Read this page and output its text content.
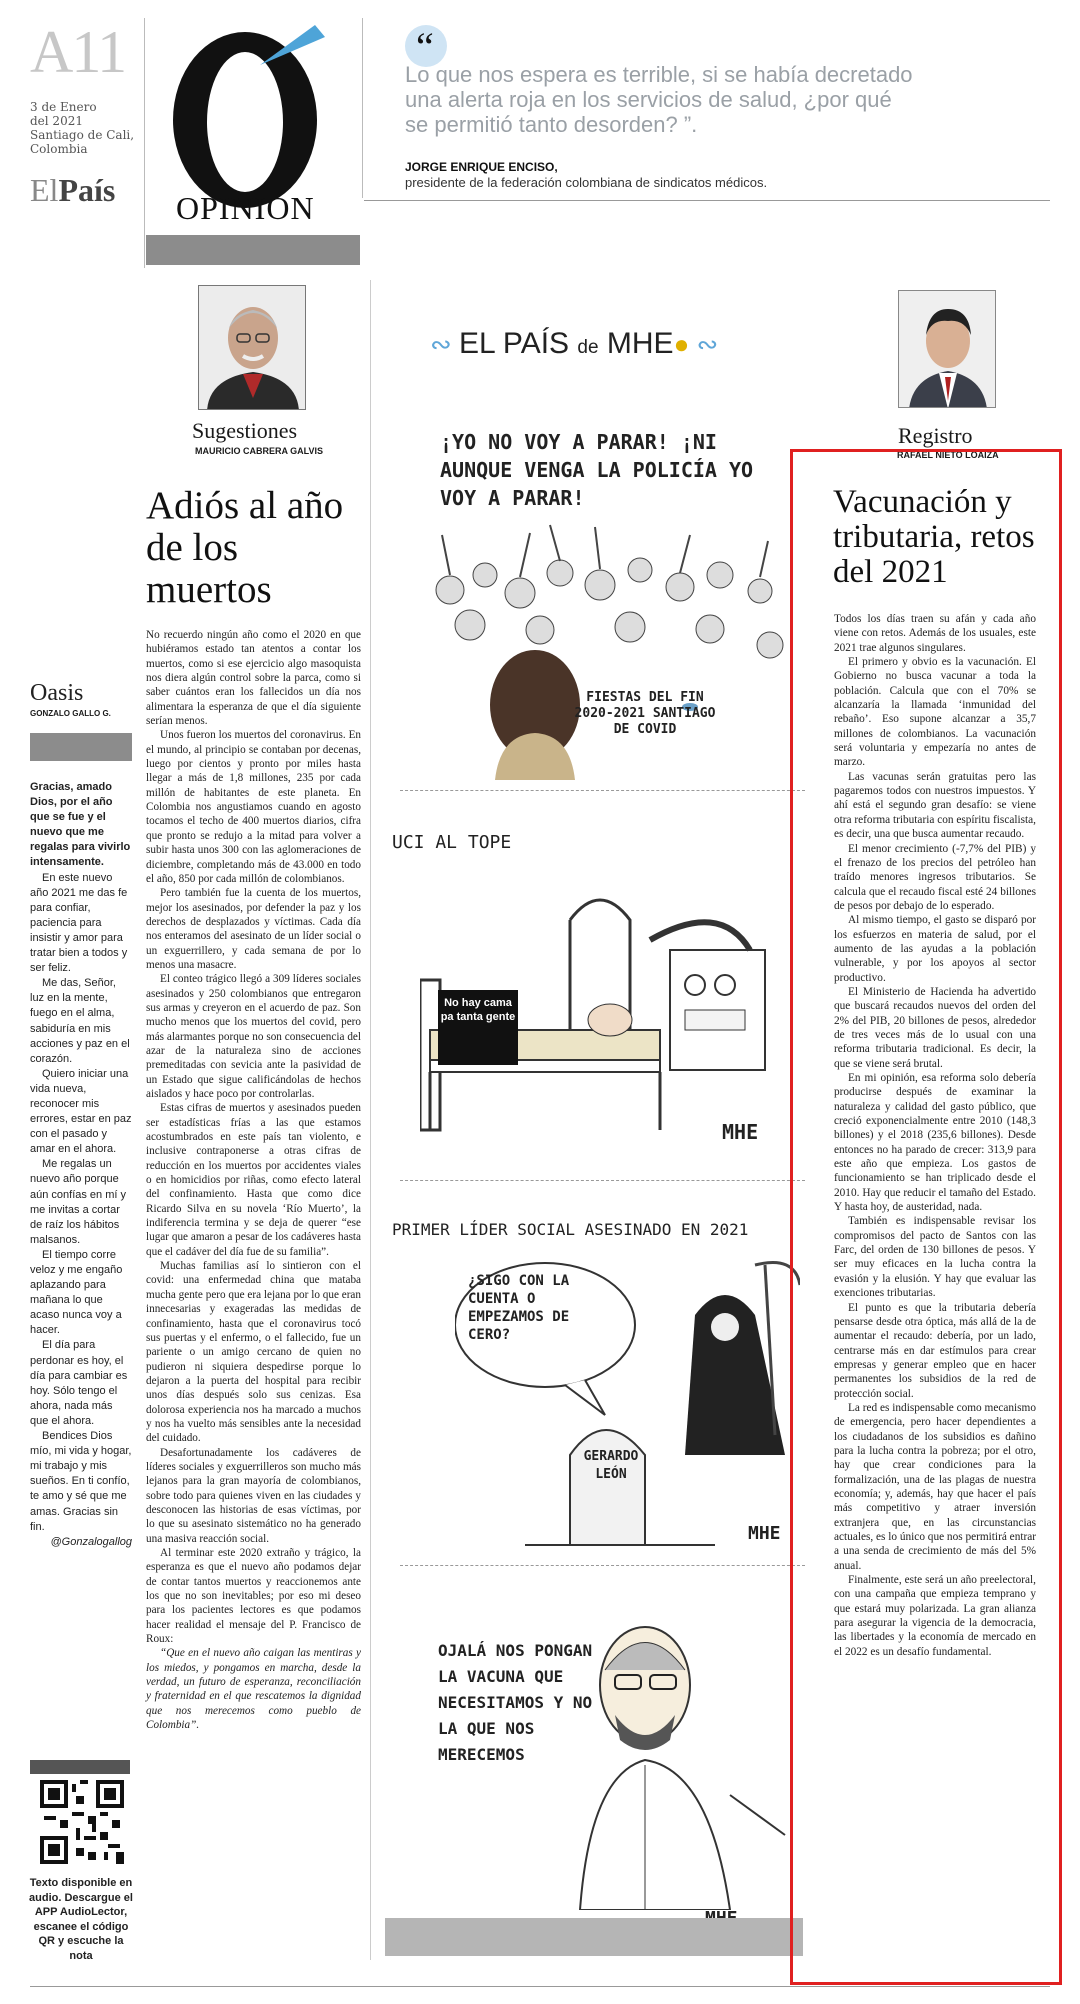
A11
3 de Enero
del 2021
Santiago de Cali,
Colombia
ElPaís OPINIÓN
“
Lo que nos espera es terrible, si se había decretado una alerta roja en los servicios de salud, ¿por qué se permitió tanto desorden? ”.
JORGE ENRIQUE ENCISO,
presidente de la federación colombiana de sindicatos médicos.
Oasis
GONZALO GALLO G.

Gracias, amado Dios, por el año que se fue y el nuevo que me regalas para vivirlo intensamente.

En este nuevo año 2021 me das fe para confiar, paciencia para insistir y amor para tratar bien a todos y ser feliz.

Me das, Señor, luz en la mente, fuego en el alma, sabiduría en mis acciones y paz en el corazón.

Quiero iniciar una vida nueva, reconocer mis errores, estar en paz con el pasado y amar en el ahora.

Me regalas un nuevo año porque aún confías en mí y me invitas a cortar de raíz los hábitos malsanos.

El tiempo corre veloz y me engaño aplazando para mañana lo que acaso nunca voy a hacer.

El día para perdonar es hoy, el día para cambiar es hoy. Sólo tengo el ahora, nada más que el ahora.

Bendices Dios mío, mi vida y hogar, mi trabajo y mis sueños. En ti confío, te amo y sé que me amas. Gracias sin fin.

@Gonzalogallog
Texto disponible en audio. Descargue el APP AudioLector, escanee el código QR y escuche la nota
Sugestiones
MAURICIO CABRERA GALVIS
Adiós al año de los muertos

No recuerdo ningún año como el 2020 en que hubiéramos estado tan atentos a contar los muertos, como si ese ejercicio algo masoquista nos diera algún control sobre la parca, como si saber cuántos eran los fallecidos un día nos alimentara la esperanza de que el día siguiente serían menos.

Unos fueron los muertos del coronavirus. En el mundo, al principio se contaban por decenas, luego por cientos y pronto por miles hasta llegar a más de 1,8 millones, 235 por cada millón de habitantes de este planeta. En Colombia nos angustiamos cuando en agosto tocamos el techo de 400 muertos diarios, cifra que pronto se redujo a la mitad para volver a subir hasta unos 300 con las aglomeraciones de diciembre, completando más de 43.000 en todo el año, 850 por cada millón de colombianos.

Pero también fue la cuenta de los muertos, mejor los asesinados, por defender la paz y los derechos de desplazados y víctimas. Cada día nos enteramos del asesinato de un líder social o un exguerrillero, y cada semana de por lo menos una masacre.

El conteo trágico llegó a 309 líderes sociales asesinados y 250 colombianos que entregaron sus armas y creyeron en el acuerdo de paz. Son mucho menos que los muertos del covid, pero más alarmantes porque no son consecuencia del azar de la naturaleza sino de acciones premeditadas con sevicia ante la pasividad de un Estado que sigue calificándolas de hechos aislados y hace poco por controlarlas.

Estas cifras de muertos y asesinados pueden ser estadísticas frías a las que estamos acostumbrados en este país tan violento, e inclusive contraponerse a otras cifras de reducción en los muertos por accidentes viales o en homicidios por riñas, como efecto lateral del confinamiento. Hasta que como dice Ricardo Silva en su novela ‘Río Muerto’, la indiferencia termina y se deja de querer “ese lugar que amaron a pesar de los cadáveres hasta que el cadáver del día fue de su familia”.

Muchas familias así lo sintieron con el covid: una enfermedad china que mataba mucha gente pero que era lejana por lo que eran innecesarias y exageradas las medidas de confinamiento, hasta que el coronavirus tocó sus puertas y el enfermo, o el fallecido, fue un pariente o un amigo cercano de quien no pudieron ni siquiera despedirse porque lo dejaron a la puerta del hospital para recibir unos días después solo sus cenizas. Esa dolorosa experiencia nos ha marcado a muchos y nos ha vuelto más sensibles ante la necesidad del cuidado.

Desafortunadamente los cadáveres de líderes sociales y exguerrilleros son mucho más lejanos para la gran mayoría de colombianos, sobre todo para quienes viven en las ciudades y desconocen las historias de esas víctimas, por lo que su asesinato sistemático no ha generado una masiva reacción social.

Al terminar este 2020 extraño y trágico, la esperanza es que el nuevo año podamos dejar de contar tantos muertos y reaccionemos ante los que no son inevitables; por eso mi deseo para los pacientes lectores es que podamos hacer realidad el mensaje del P. Francisco de Roux:

“Que en el nuevo año caigan las mentiras y los miedos, y pongamos en marcha, desde la verdad, un futuro de esperanza, reconciliación y fraternidad en el que rescatemos la dignidad que nos merecemos como pueblo de Colombia”.

∾ EL PAÍS de MHE● ∾
¡YO NO VOY A PARAR! ¡NI AUNQUE VENGA LA POLICÍA YO VOY A PARAR!
FIESTAS DEL FIN 2020-2021 SANTIAGO DE COVID
UCI AL TOPE
No hay cama pa tanta gente
MHE
PRIMER LÍDER SOCIAL ASESINADO EN 2021
¿SIGO CON LA CUENTA O EMPEZAMOS DE CERO?
GERARDO LEÓN
MHE
OJALÁ NOS PONGAN LA VACUNA QUE NECESITAMOS Y NO LA QUE NOS MERECEMOS
Registro
RAFAEL NIETO LOAIZA
Vacunación y tributaria, retos del 2021

Todos los días traen su afán y cada año viene con retos. Además de los usuales, este 2021 trae algunos singulares.

El primero y obvio es la vacunación. El Gobierno no busca vacunar a toda la población. Calcula que con el 70% se alcanzaría la llamada ‘inmunidad del rebaño’. Eso supone alcanzar a 35,7 millones de colombianos. La vacunación será voluntaria y empezaría no antes de marzo.

Las vacunas serán gratuitas pero las pagaremos todos con nuestros impuestos. Y ahí está el segundo gran desafío: se viene otra reforma tributaria con espíritu fiscalista, es decir, una que busca aumentar recaudo.

El menor crecimiento (-7,7% del PIB) y el frenazo de los precios del petróleo han traído menores ingresos tributarios. Se calcula que el recaudo fiscal esté 24 billones de pesos por debajo de lo esperado.

Al mismo tiempo, el gasto se disparó por los esfuerzos en materia de salud, por el aumento de las ayudas a la población vulnerable, y por los apoyos al sector productivo.

El Ministerio de Hacienda ha advertido que buscará recaudos nuevos del orden del 2% del PIB, 20 billones de pesos, alrededor de tres veces más de lo usual con una reforma tributaria tradicional. Es decir, la que se viene será brutal.

En mi opinión, esa reforma solo debería producirse después de examinar la naturaleza y calidad del gasto público, que creció exponencialmente entre 2010 (148,3 billones) y el 2018 (235,6 billones). Desde entonces no ha parado de crecer: 313,9 para este año que empieza. Los gastos de funcionamiento se han triplicado desde el 2010. Hay que reducir el tamaño del Estado. Y hasta hoy, de austeridad, nada.

También es indispensable revisar los compromisos del pacto de Santos con las Farc, del orden de 130 billones de pesos. Y ser muy eficaces en la lucha contra la evasión y la elusión. Y hay que evaluar las exenciones tributarias.

El punto es que la tributaria debería pensarse desde otra óptica, más allá de la de aumentar el recaudo: debería, por un lado, centrarse más en dar estímulos para crear empresas y generar empleo que en hacer permanentes los subsidios de la red de protección social.

La red es indispensable como mecanismo de emergencia, pero hacer dependientes a los ciudadanos de los subsidios es dañino para la lucha contra la pobreza; por el otro, hay que crear condiciones para la formalización, una de las plagas de nuestra economía; y, además, hay que hacer el país más competitivo y atraer inversión extranjera que, en las circunstancias actuales, es lo único que nos permitirá entrar a una senda de crecimiento de más del 5% anual.

Finalmente, este será un año preelectoral, con una campaña que empieza temprano y que estará muy polarizada. La gran alianza para asegurar la vigencia de la democracia, las libertades y la economía de mercado en el 2022 es un desafío fundamental.
